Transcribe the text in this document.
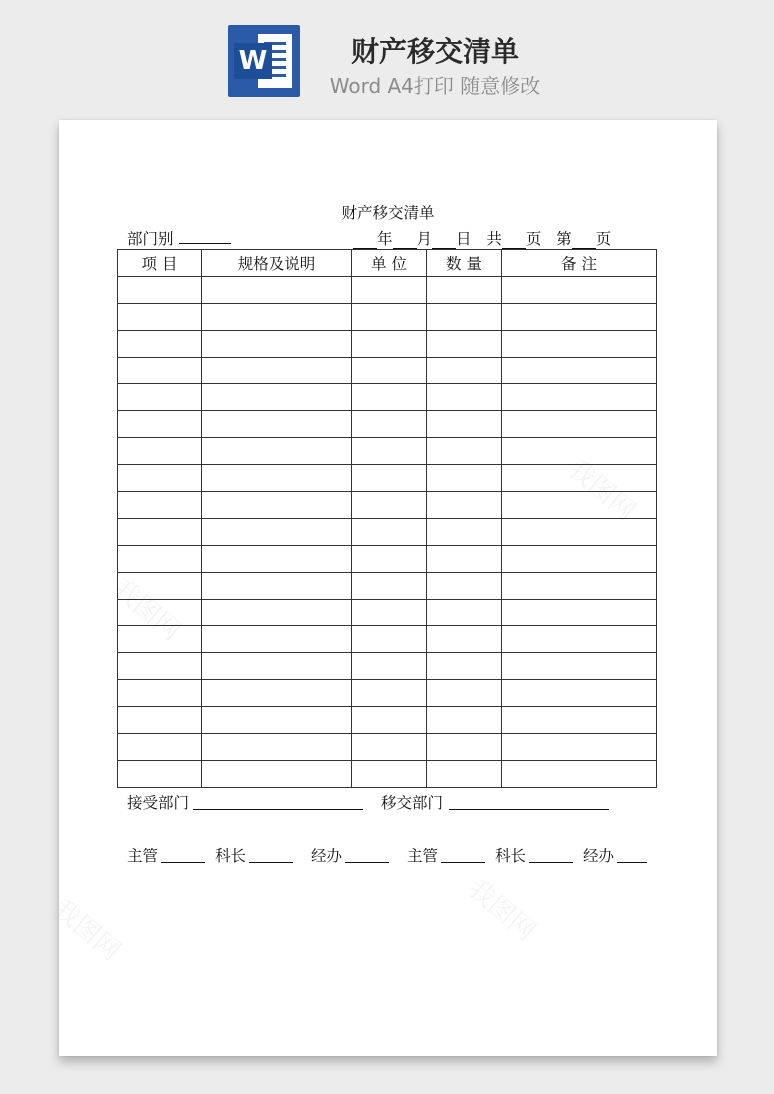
W	财产移交清单
Word A4打印 随意修改
我图网
我图网
我图网	我图网
财产移交清单
部门别	年 月 日 共 页 第 页
项 目	规格及说明	单 位	数 量	备 注

接受部门	移交部门
主管	科长	经办	主管	科长	经办
